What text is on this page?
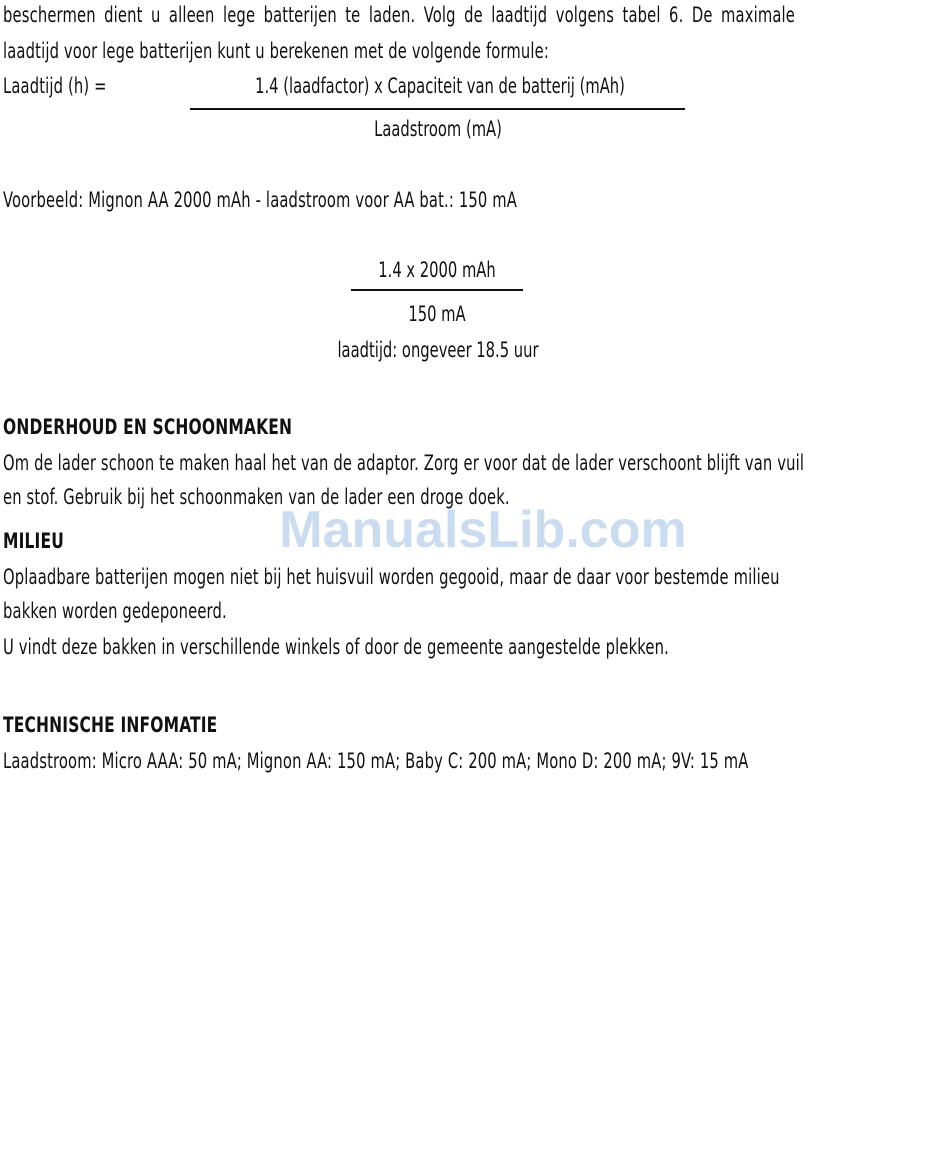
beschermen dient u alleen lege batterijen te laden. Volg de laadtijd volgens tabel 6. De maximale
laadtijd voor lege batterijen kunt u berekenen met de volgende formule:
Laadtijd (h) =	1.4 (laadfactor) x Capaciteit van de batterij (mAh)
Laadstroom (mA)
Voorbeeld: Mignon AA 2000 mAh - laadstroom voor AA bat.: 150 mA
1.4 x 2000 mAh
150 mA
laadtijd: ongeveer 18.5 uur
ONDERHOUD EN SCHOONMAKEN
Om de lader schoon te maken haal het van de adaptor. Zorg er voor dat de lader verschoont blijft van vuil
en stof. Gebruik bij het schoonmaken van de lader een droge doek.
MILIEU
Oplaadbare batterijen mogen niet bij het huisvuil worden gegooid, maar de daar voor bestemde milieu
bakken worden gedeponeerd.
U vindt deze bakken in verschillende winkels of door de gemeente aangestelde plekken.
TECHNISCHE INFOMATIE
Laadstroom: Micro AAA: 50 mA; Mignon AA: 150 mA; Baby C: 200 mA; Mono D: 200 mA; 9V: 15 mA
ManualsLib.com
